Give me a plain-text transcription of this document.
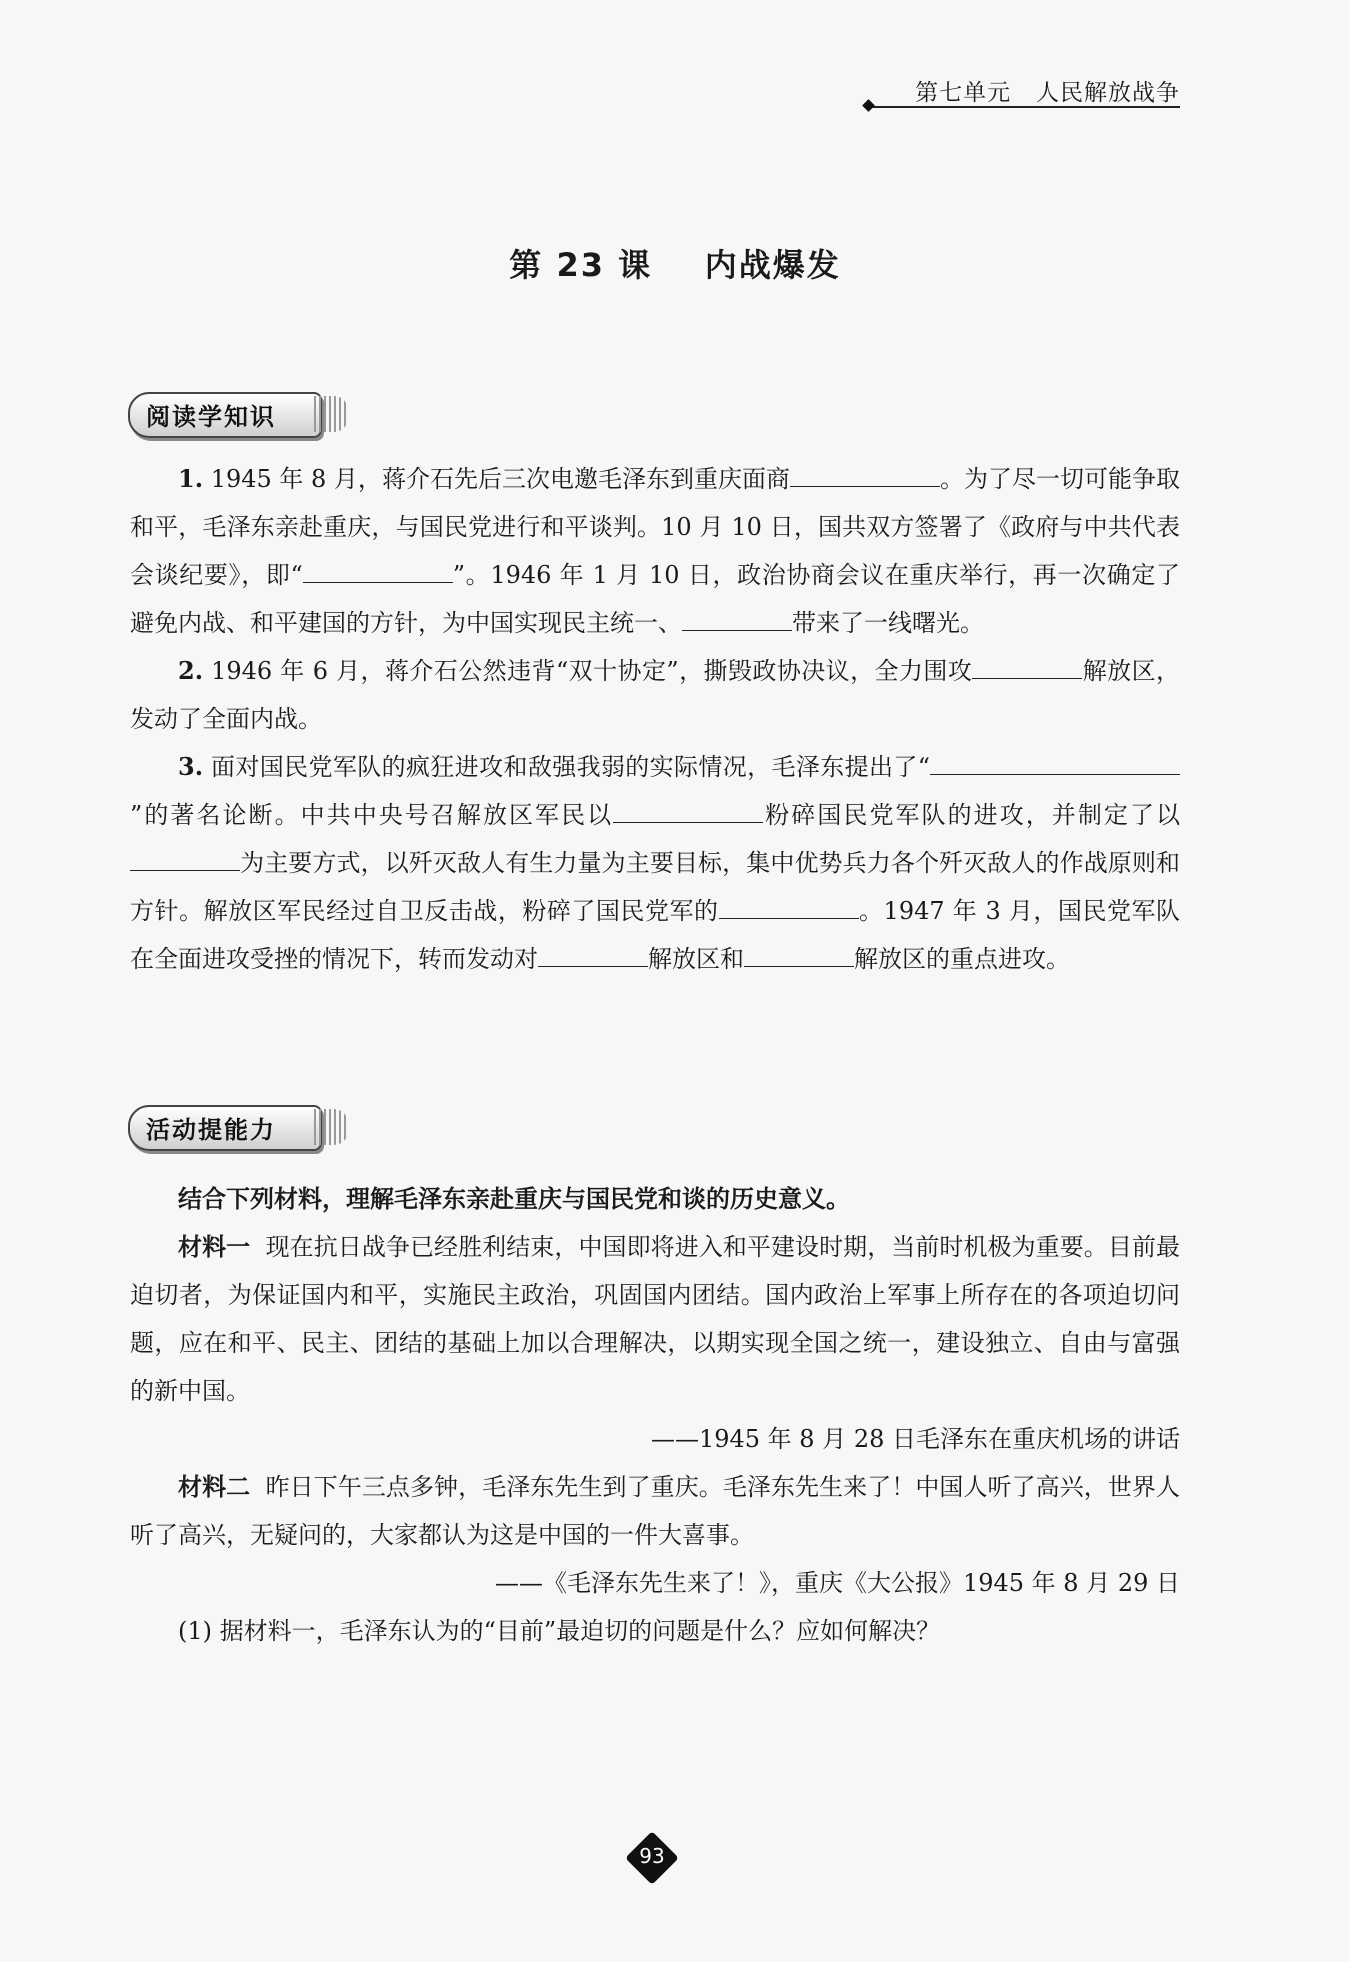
第七单元 人民解放战争
第 23 课 内战爆发
阅读学知识

1. 1945 年 8 月，蒋介石先后三次电邀毛泽东到重庆面商	。为了尽一切可能争取和平，毛泽东亲赴重庆，与国民党进行和平谈判。10 月 10 日，国共双方签署了《政府与中共代表会谈纪要》，即“	”。1946 年 1 月 10 日，政治协商会议在重庆举行，再一次确定了避免内战、和平建国的方针，为中国实现民主统一、	带来了一线曙光。

2. 1946 年 6 月，蒋介石公然违背“双十协定”，撕毁政协决议，全力围攻	解放区，发动了全面内战。

3. 面对国民党军队的疯狂进攻和敌强我弱的实际情况，毛泽东提出了“”的著名论断。中共中央号召解放区军民以	粉碎国民党军队的进攻，并制定了以为主要方式，以歼灭敌人有生力量为主要目标，集中优势兵力各个歼灭敌人的作战原则和方针。解放区军民经过自卫反击战，粉碎了国民党军的	。1947 年 3 月，国民党军队在全面进攻受挫的情况下，转而发动对	解放区和	解放区的重点进攻。

活动提能力

结合下列材料，理解毛泽东亲赴重庆与国民党和谈的历史意义。

材料一 现在抗日战争已经胜利结束，中国即将进入和平建设时期，当前时机极为重要。目前最迫切者，为保证国内和平，实施民主政治，巩固国内团结。国内政治上军事上所存在的各项迫切问题，应在和平、民主、团结的基础上加以合理解决，以期实现全国之统一，建设独立、自由与富强的新中国。

——1945 年 8 月 28 日毛泽东在重庆机场的讲话

材料二 昨日下午三点多钟，毛泽东先生到了重庆。毛泽东先生来了！中国人听了高兴，世界人听了高兴，无疑问的，大家都认为这是中国的一件大喜事。

——《毛泽东先生来了！》，重庆《大公报》1945 年 8 月 29 日

(1) 据材料一，毛泽东认为的“目前”最迫切的问题是什么？应如何解决？

93
